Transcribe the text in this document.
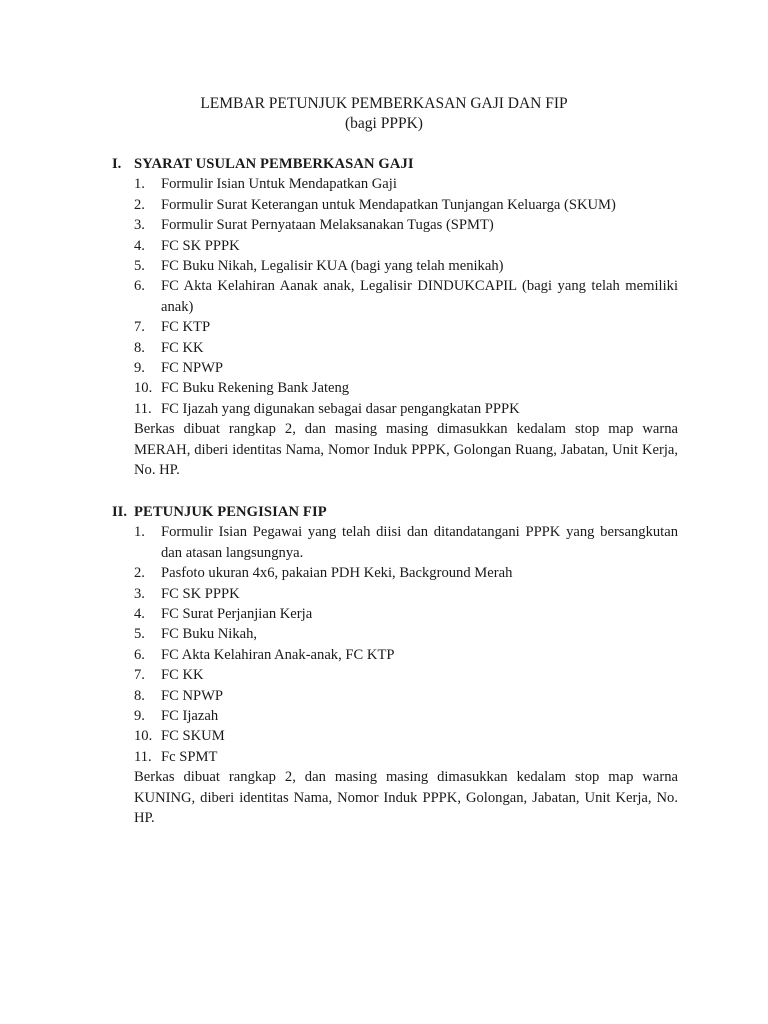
LEMBAR PETUNJUK PEMBERKASAN GAJI DAN FIP
(bagi PPPK)
I. SYARAT USULAN PEMBERKASAN GAJI
1. Formulir Isian Untuk Mendapatkan Gaji
2. Formulir Surat Keterangan untuk Mendapatkan Tunjangan Keluarga (SKUM)
3. Formulir Surat Pernyataan Melaksanakan Tugas (SPMT)
4. FC SK PPPK
5. FC Buku Nikah, Legalisir KUA (bagi yang telah menikah)
6. FC Akta Kelahiran Aanak anak, Legalisir DINDUKCAPIL (bagi yang telah memiliki anak)
7. FC KTP
8. FC KK
9. FC NPWP
10. FC Buku Rekening Bank Jateng
11. FC Ijazah yang digunakan sebagai dasar pengangkatan PPPK
Berkas dibuat rangkap 2, dan masing masing dimasukkan kedalam stop map warna MERAH, diberi identitas Nama, Nomor Induk PPPK, Golongan Ruang, Jabatan, Unit Kerja, No. HP.
II. PETUNJUK PENGISIAN FIP
1. Formulir Isian Pegawai yang telah diisi dan ditandatangani PPPK yang bersangkutan dan atasan langsungnya.
2. Pasfoto ukuran 4x6, pakaian PDH Keki, Background Merah
3. FC SK PPPK
4. FC Surat Perjanjian Kerja
5. FC Buku Nikah,
6. FC Akta Kelahiran Anak-anak, FC KTP
7. FC KK
8. FC NPWP
9. FC Ijazah
10. FC SKUM
11. Fc SPMT
Berkas dibuat rangkap 2, dan masing masing dimasukkan kedalam stop map warna KUNING, diberi identitas Nama, Nomor Induk PPPK, Golongan, Jabatan, Unit Kerja, No. HP.
